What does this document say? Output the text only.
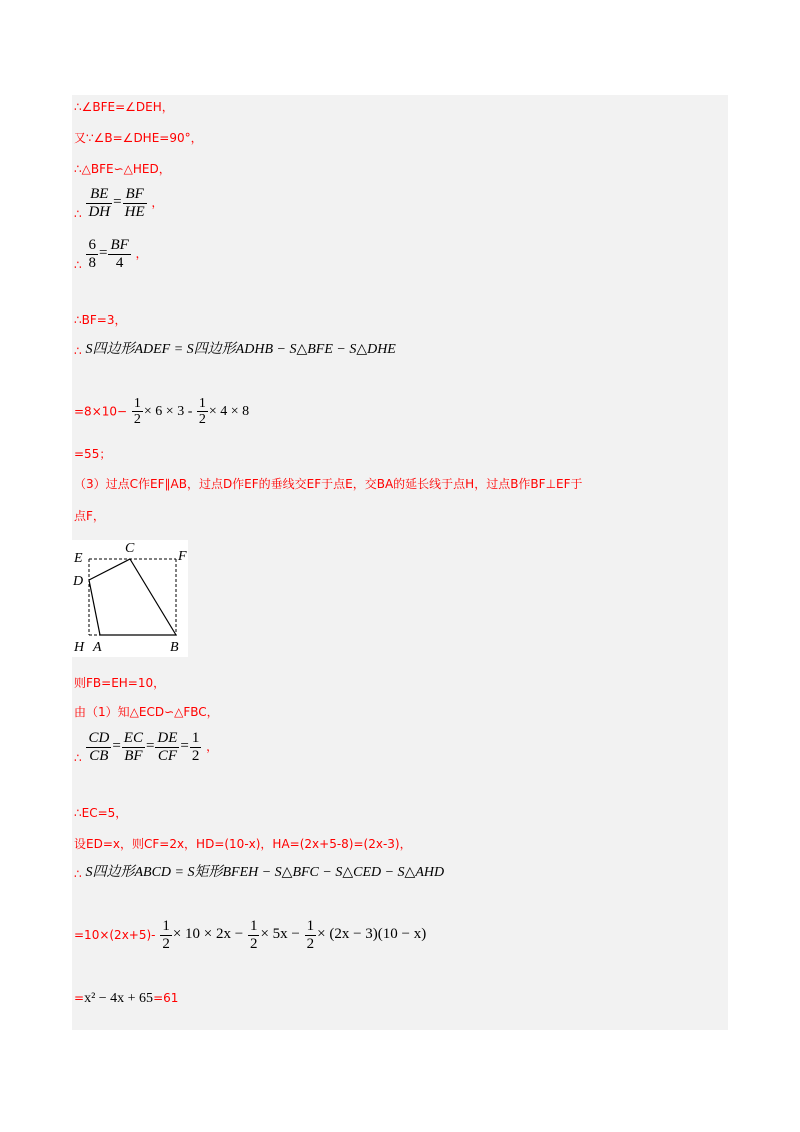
∴∠BFE=∠DEH，
又∵∠B=∠DHE=90°，
∴△BFE∽△HED，
∴ $\frac{BE}{DH} = \frac{BF}{HE}$ ，
∴ $\frac{6}{8} = \frac{BF}{4}$ ，
∴BF=3，
∴ S四边形ADEF = S四边形ADHB − S△BFE − S△DHE
$=8\times 10- \frac{1}{2} \times 6 \times 3 - \frac{1}{2} \times 4 \times 8$
=55；
（3）过点C作EF∥AB，过点D作EF的垂线交EF于点E，交BA的延长线于点H，过点B作BF⊥EF于
点F，
E
C
F
D
H A	B
则FB=EH=10，
由（1）知△ECD∽△FBC，
∴ $\frac{CD}{CB} = \frac{EC}{BF} = \frac{DE}{CF} = \frac{1}{2}$ ，
∴EC=5，
设ED=x，则CF=2x，HD=(10-x)，HA=(2x+5-8)=(2x-3)，
∴ S四边形ABCD = S矩形BFEH − S△BFC − S△CED − S△AHD
$=10\times(2x+5)- \frac{1}{2} \times 10 \times 2x - \frac{1}{2} \times 5x - \frac{1}{2} \times (2x - 3)(10 - x)$
=x² − 4x + 65=61
